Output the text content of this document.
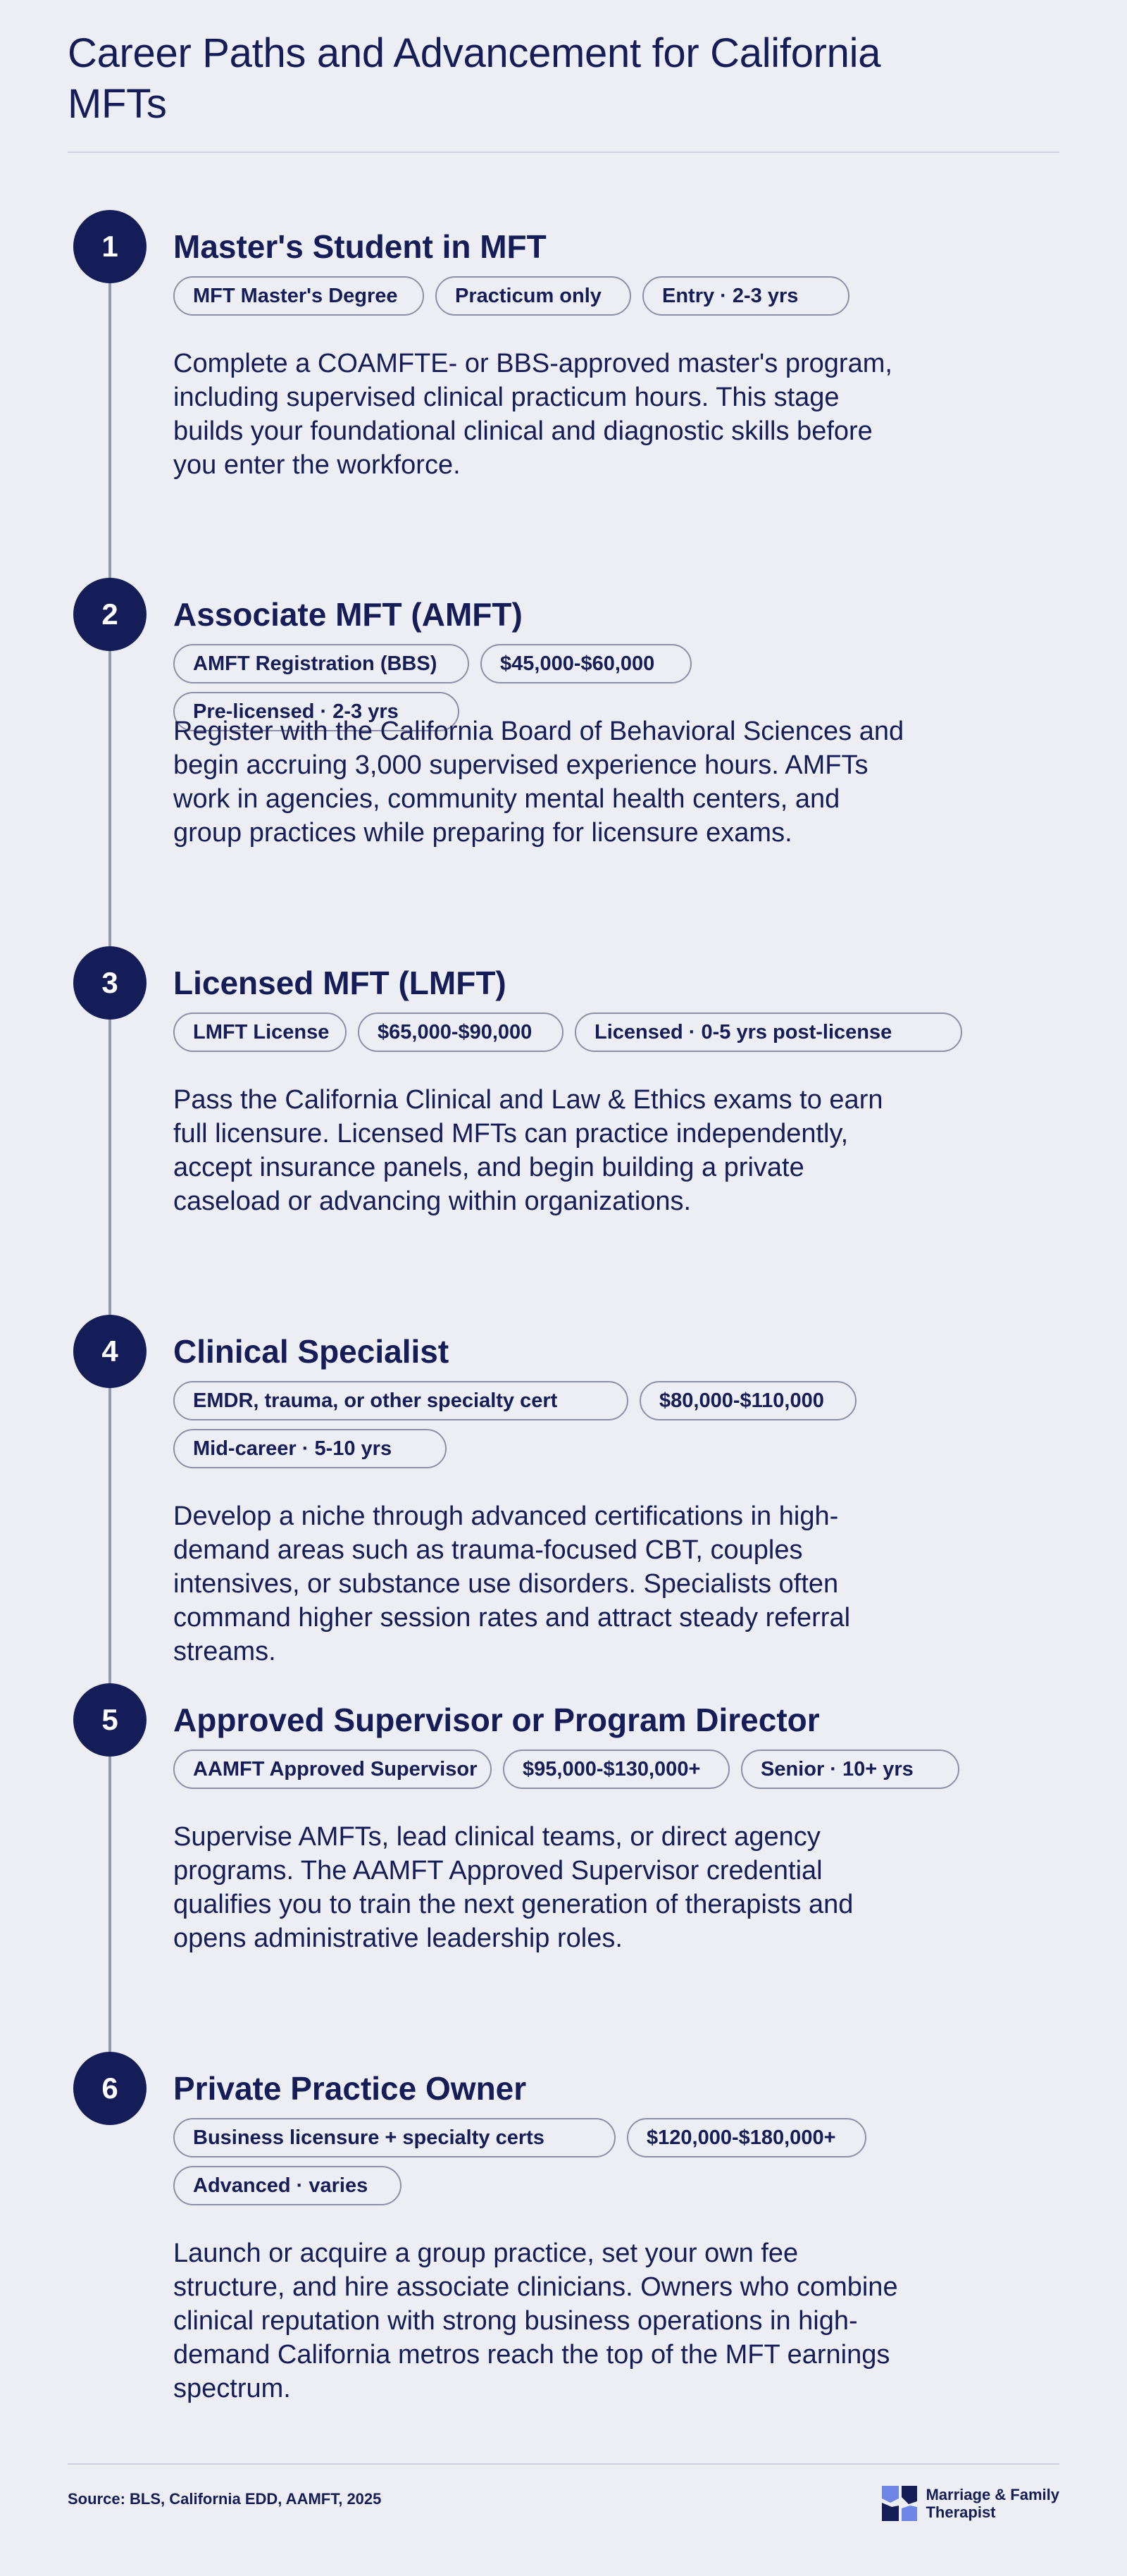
Career Paths and Advancement for California MFTs
1	Master's Student in MFT
MFT Master's Degree	Practicum only	Entry · 2-3 yrs

Complete a COAMFTE- or BBS-approved master's program, including supervised clinical practicum hours. This stage builds your foundational clinical and diagnostic skills before you enter the workforce.

2	Associate MFT (AMFT)
AMFT Registration (BBS)	$45,000-$60,000
Pre-licensed · 2-3 yrs

Register with the California Board of Behavioral Sciences and begin accruing 3,000 supervised experience hours. AMFTs work in agencies, community mental health centers, and group practices while preparing for licensure exams.

3	Licensed MFT (LMFT)
LMFT License	$65,000-$90,000	Licensed · 0-5 yrs post-license

Pass the California Clinical and Law & Ethics exams to earn full licensure. Licensed MFTs can practice independently, accept insurance panels, and begin building a private caseload or advancing within organizations.

4	Clinical Specialist
EMDR, trauma, or other specialty cert	$80,000-$110,000
Mid-career · 5-10 yrs

Develop a niche through advanced certifications in high-demand areas such as trauma-focused CBT, couples intensives, or substance use disorders. Specialists often command higher session rates and attract steady referral streams.

5	Approved Supervisor or Program Director
AAMFT Approved Supervisor	$95,000-$130,000+	Senior · 10+ yrs

Supervise AMFTs, lead clinical teams, or direct agency programs. The AAMFT Approved Supervisor credential qualifies you to train the next generation of therapists and opens administrative leadership roles.

6	Private Practice Owner
Business licensure + specialty certs	$120,000-$180,000+
Advanced · varies

Launch or acquire a group practice, set your own fee structure, and hire associate clinicians. Owners who combine clinical reputation with strong business operations in high-demand California metros reach the top of the MFT earnings spectrum.

Source: BLS, California EDD, AAMFT, 2025	Marriage & Family
Therapist
